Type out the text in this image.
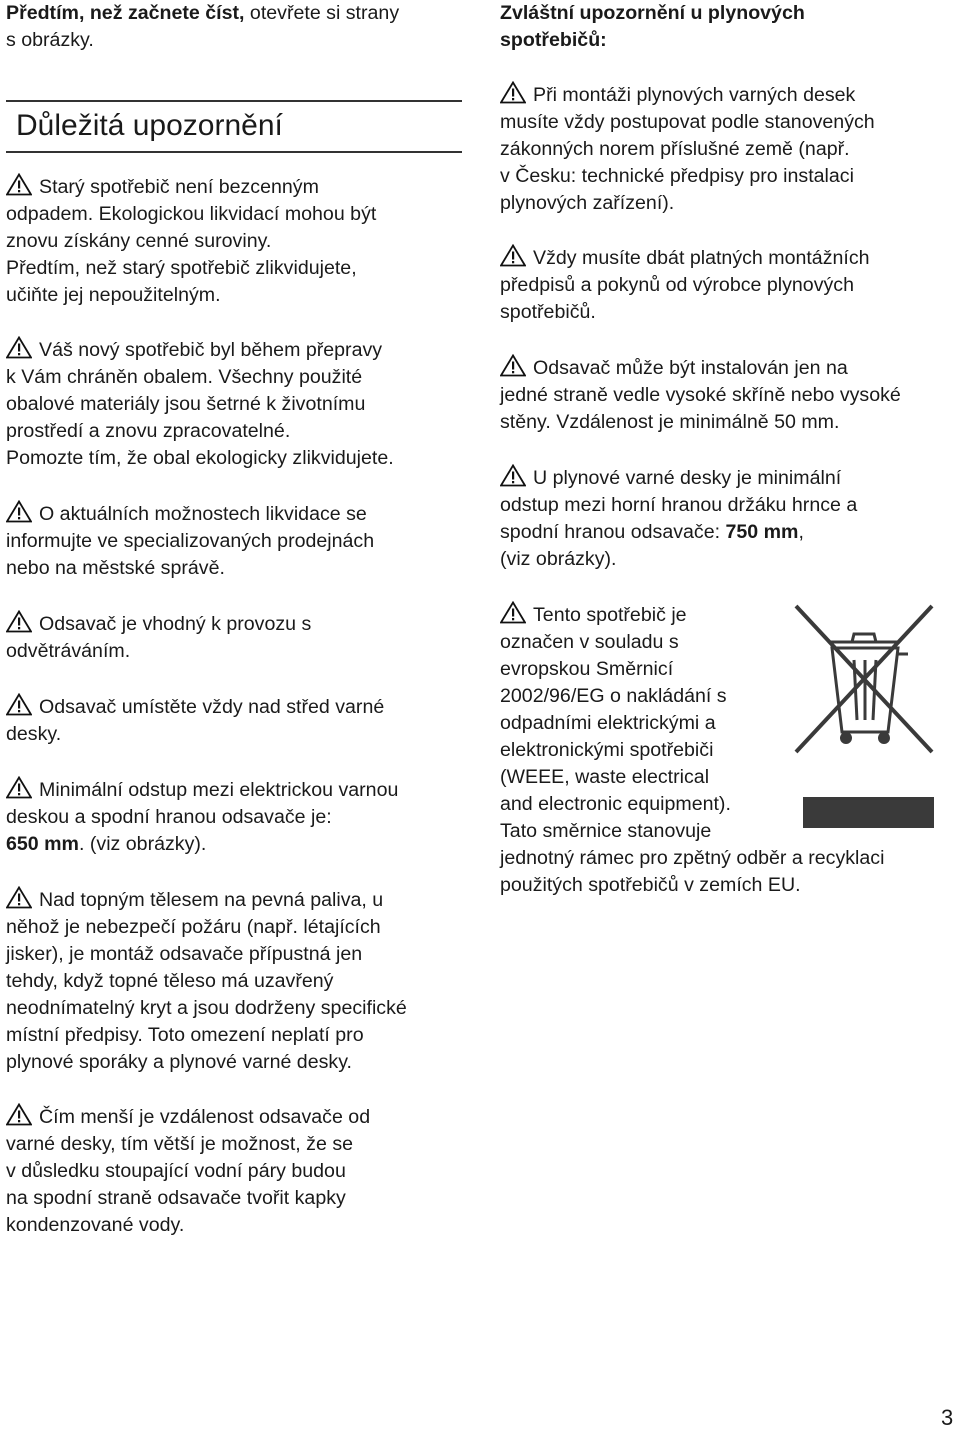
Předtím, než začnete číst, otevřete si strany
s obrázky.

Důležitá upozornění

Starý spotřebič není bezcenným
odpadem. Ekologickou likvidací mohou být
znovu získány cenné suroviny.
Předtím, než starý spotřebič zlikvidujete,
učiňte jej nepoužitelným.

Váš nový spotřebič byl během přepravy
k Vám chráněn obalem. Všechny použité
obalové materiály jsou šetrné k životnímu
prostředí a znovu zpracovatelné.
Pomozte tím, že obal ekologicky zlikvidujete.

O aktuálních možnostech likvidace se
informujte ve specializovaných prodejnách
nebo na městské správě.

Odsavač je vhodný k provozu s
odvětráváním.

Odsavač umístěte vždy nad střed varné
desky.

Minimální odstup mezi elektrickou varnou
deskou a spodní hranou odsavače je:
650 mm. (viz obrázky).

Nad topným tělesem na pevná paliva, u
něhož je nebezpečí požáru (např. létajících
jisker), je montáž odsavače přípustná jen
tehdy, když topné těleso má uzavřený
neodnímatelný kryt a jsou dodrženy specifické
místní předpisy. Toto omezení neplatí pro
plynové sporáky a plynové varné desky.

Čím menší je vzdálenost odsavače od
varné desky, tím větší je možnost, že se
v důsledku stoupající vodní páry budou
na spodní straně odsavače tvořit kapky
kondenzované vody.

Zvláštní upozornění u plynových
spotřebičů:

Při montáži plynových varných desek
musíte vždy postupovat podle stanovených
zákonných norem příslušné země (např.
v Česku: technické předpisy pro instalaci
plynových zařízení).

Vždy musíte dbát platných montážních
předpisů a pokynů od výrobce plynových
spotřebičů.

Odsavač může být instalován jen na
jedné straně vedle vysoké skříně nebo vysoké
stěny. Vzdálenost je minimálně 50 mm.

U plynové varné desky je minimální
odstup mezi horní hranou držáku hrnce a
spodní hranou odsavače: 750 mm,
(viz obrázky).

Tento spotřebič je
označen v souladu s
evropskou Směrnicí
2002/96/EG o nakládání s
odpadními elektrickými a
elektronickými spotřebiči
(WEEE, waste electrical
and electronic equipment).
Tato směrnice stanovuje
jednotný rámec pro zpětný odběr a recyklaci
použitých spotřebičů v zemích EU.

3
